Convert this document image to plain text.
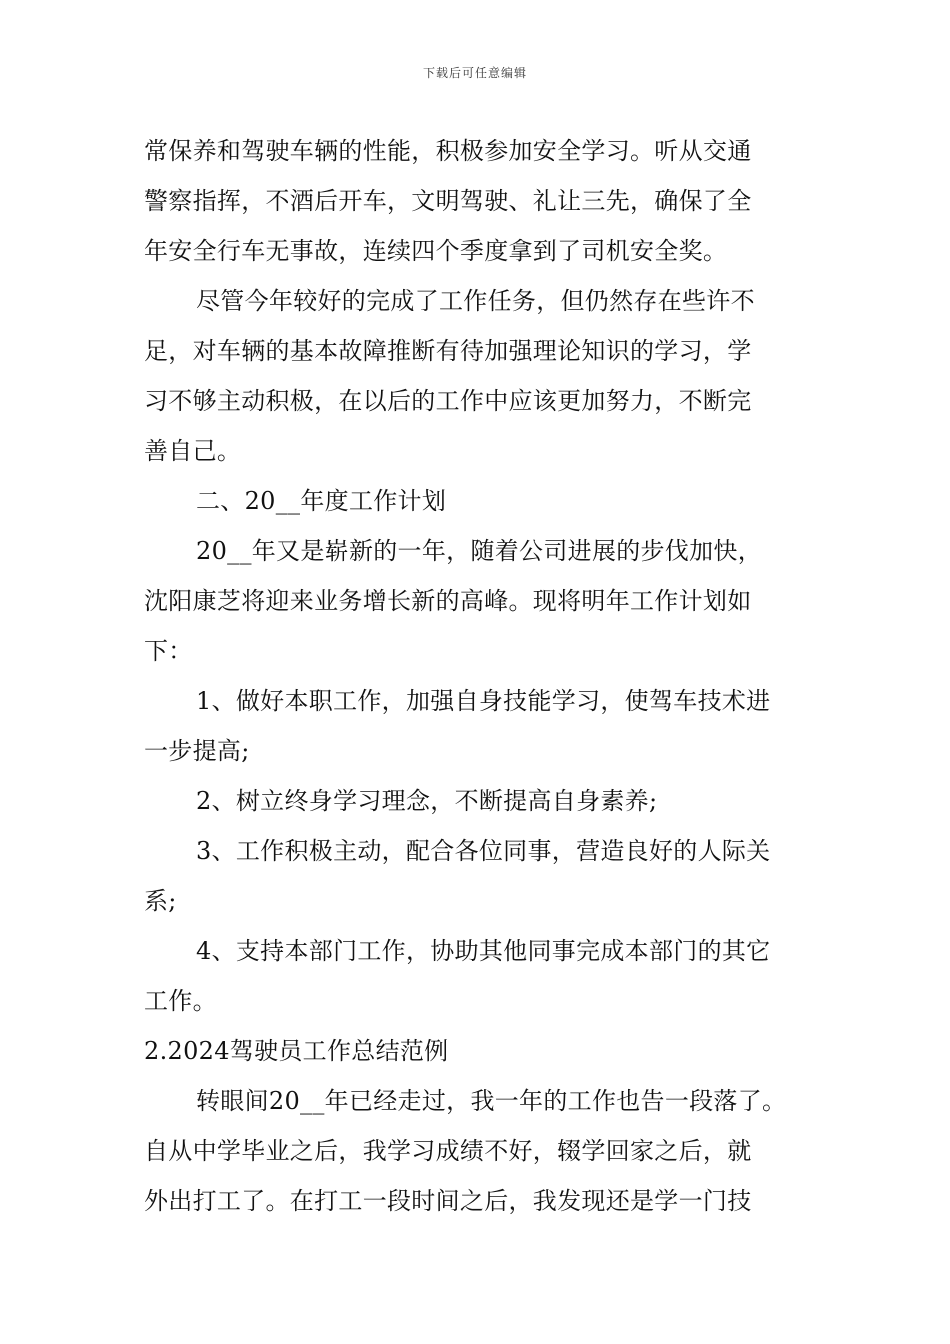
下载后可任意编辑
常保养和驾驶车辆的性能，积极参加安全学习。听从交通
警察指挥，不酒后开车，文明驾驶、礼让三先，确保了全
年安全行车无事故，连续四个季度拿到了司机安全奖。
尽管今年较好的完成了工作任务，但仍然存在些许不
足，对车辆的基本故障推断有待加强理论知识的学习，学
习不够主动积极，在以后的工作中应该更加努力，不断完
善自己。
二、20__年度工作计划
20__年又是崭新的一年，随着公司进展的步伐加快，
沈阳康芝将迎来业务增长新的高峰。现将明年工作计划如
下：
1、做好本职工作，加强自身技能学习，使驾车技术进
一步提高;
2、树立终身学习理念，不断提高自身素养;
3、工作积极主动，配合各位同事，营造良好的人际关
系;
4、支持本部门工作，协助其他同事完成本部门的其它
工作。
2.2024驾驶员工作总结范例
转眼间20__年已经走过，我一年的工作也告一段落了。
自从中学毕业之后，我学习成绩不好，辍学回家之后，就
外出打工了。在打工一段时间之后，我发现还是学一门技
